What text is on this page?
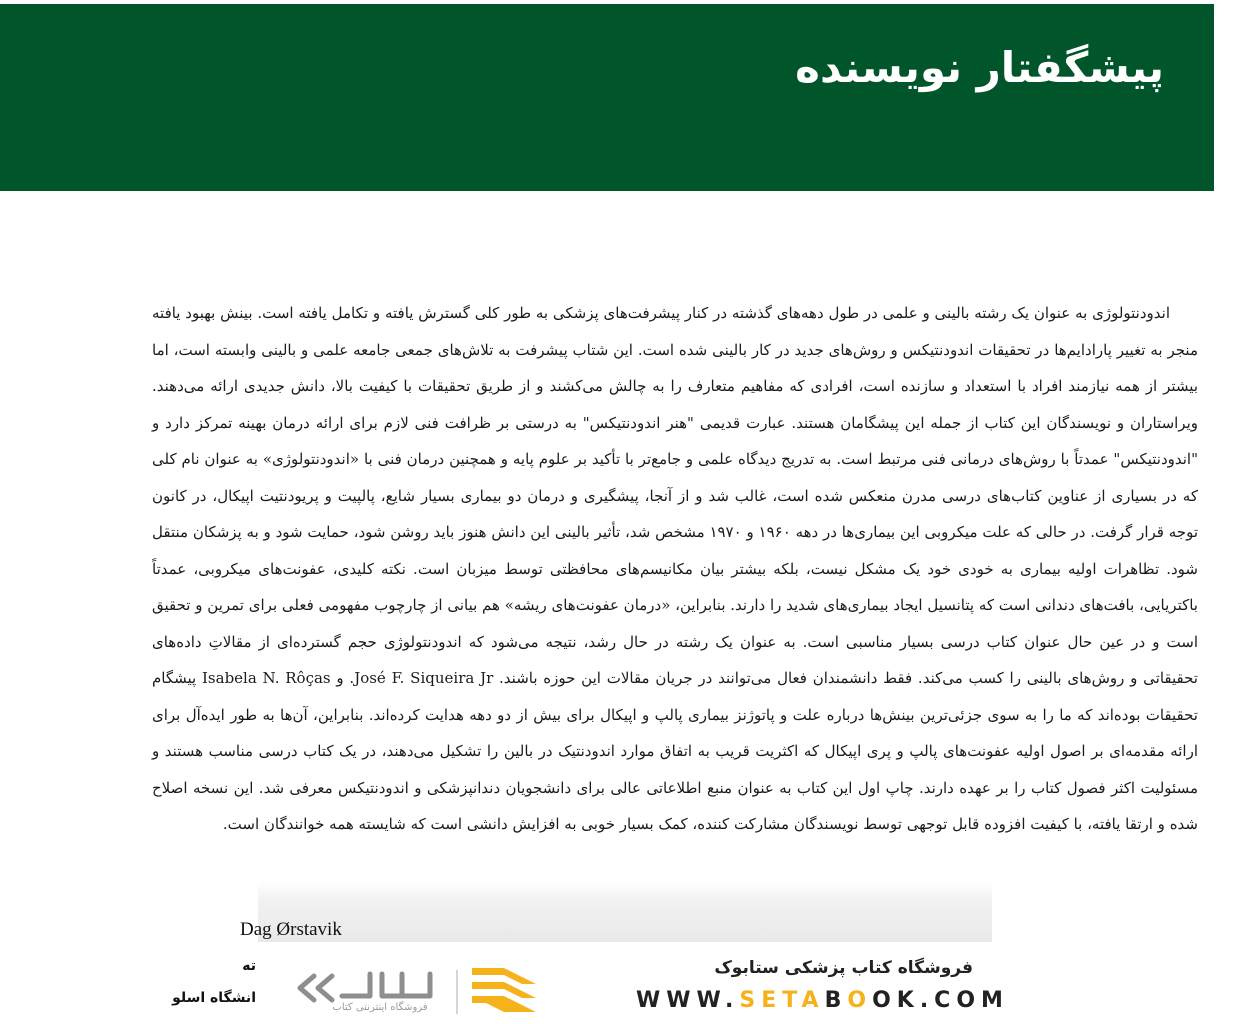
پیشگفتار نویسنده

اندودنتولوژی به عنوان یک رشته بالینی و علمی در طول دهه‌های گذشته در کنار پیشرفت‌های پزشکی به طور کلی گسترش یافته و تکامل یافته است. بینش بهبود یافته منجر به تغییر پارادایم‌ها در تحقیقات اندودنتیکس و روش‌های جدید در کار بالینی شده است. این شتاب پیشرفت به تلاش‌های جمعی جامعه علمی و بالینی وابسته است، اما بیشتر از همه نیازمند افراد با استعداد و سازنده است، افرادی که مفاهیم متعارف را به چالش می‌کشند و از طریق تحقیقات با کیفیت بالا، دانش جدیدی ارائه می‌دهند. ویراستاران و نویسندگان این کتاب از جمله این پیشگامان هستند. عبارت قدیمی "هنر اندودنتیکس" به درستی بر ظرافت فنی لازم برای ارائه درمان بهینه تمرکز دارد و "اندودنتیکس" عمدتاً با روش‌های درمانی فنی مرتبط است. به تدریج دیدگاه علمی و جامع‌تر با تأکید بر علوم پایه و همچنین درمان فنی با «اندودنتولوژی» به عنوان نام کلی که در بسیاری از عناوین کتاب‌های درسی مدرن منعکس شده است، غالب شد و از آنجا، پیشگیری و درمان دو بیماری بسیار شایع، پالپیت و پریودنتیت اپیکال، در کانون توجه قرار گرفت. در حالی که علت میکروبی این بیماری‌ها در دهه ۱۹۶۰ و ۱۹۷۰ مشخص شد، تأثیر بالینی این دانش هنوز باید روشن شود، حمایت شود و به پزشکان منتقل شود. تظاهرات اولیه بیماری به خودی خود یک مشکل نیست، بلکه بیشتر بیان مکانیسم‌های محافظتی توسط میزبان است. نکته کلیدی، عفونت‌های میکروبی، عمدتاً باکتریایی، بافت‌های دندانی است که پتانسیل ایجاد بیماری‌های شدید را دارند. بنابراین، «درمان عفونت‌های ریشه» هم بیانی از چارچوب مفهومی فعلی برای تمرین و تحقیق است و در عین حال عنوان کتاب درسی بسیار مناسبی است. به عنوان یک رشته در حال رشد، نتیجه می‌شود که اندودنتولوژی حجم گسترده‌ای از مقالاتِ داده‌های تحقیقاتی و روش‌های بالینی را کسب می‌کند. فقط دانشمندان فعال می‌توانند در جریان مقالات این حوزه باشند. José F. Siqueira Jr. و Isabela N. Rôças پیشگام تحقیقات بوده‌اند که ما را به سوی جزئی‌ترین بینش‌ها درباره علت و پاتوژنز بیماری پالپ و اپیکال برای بیش از دو دهه هدایت کرده‌اند. بنابراین، آن‌ها به طور ایده‌آل برای ارائه مقدمه‌ای بر اصول اولیه عفونت‌های پالپ و پری اپیکال که اکثریت قریب به اتفاق موارد اندودنتیک در بالین را تشکیل می‌دهند، در یک کتاب درسی مناسب هستند و مسئولیت اکثر فصول کتاب را بر عهده دارند. چاپ اول این کتاب به عنوان منبع اطلاعاتی عالی برای دانشجویان دندانپزشکی و اندودنتیکس معرفی شد. این نسخه اصلاح شده و ارتقا یافته، با کیفیت افزوده قابل توجهی توسط نویسندگان مشارکت کننده، کمک بسیار خوبی به افزایش دانشی است که شایسته همه خوانندگان است.

Dag Ørstavik
ته
انشگاه اسلو
فروشگاه اینترنتی کتاب
فروشگاه کتاب پزشکی ستابوک
WWW.SETABOOK.COM
